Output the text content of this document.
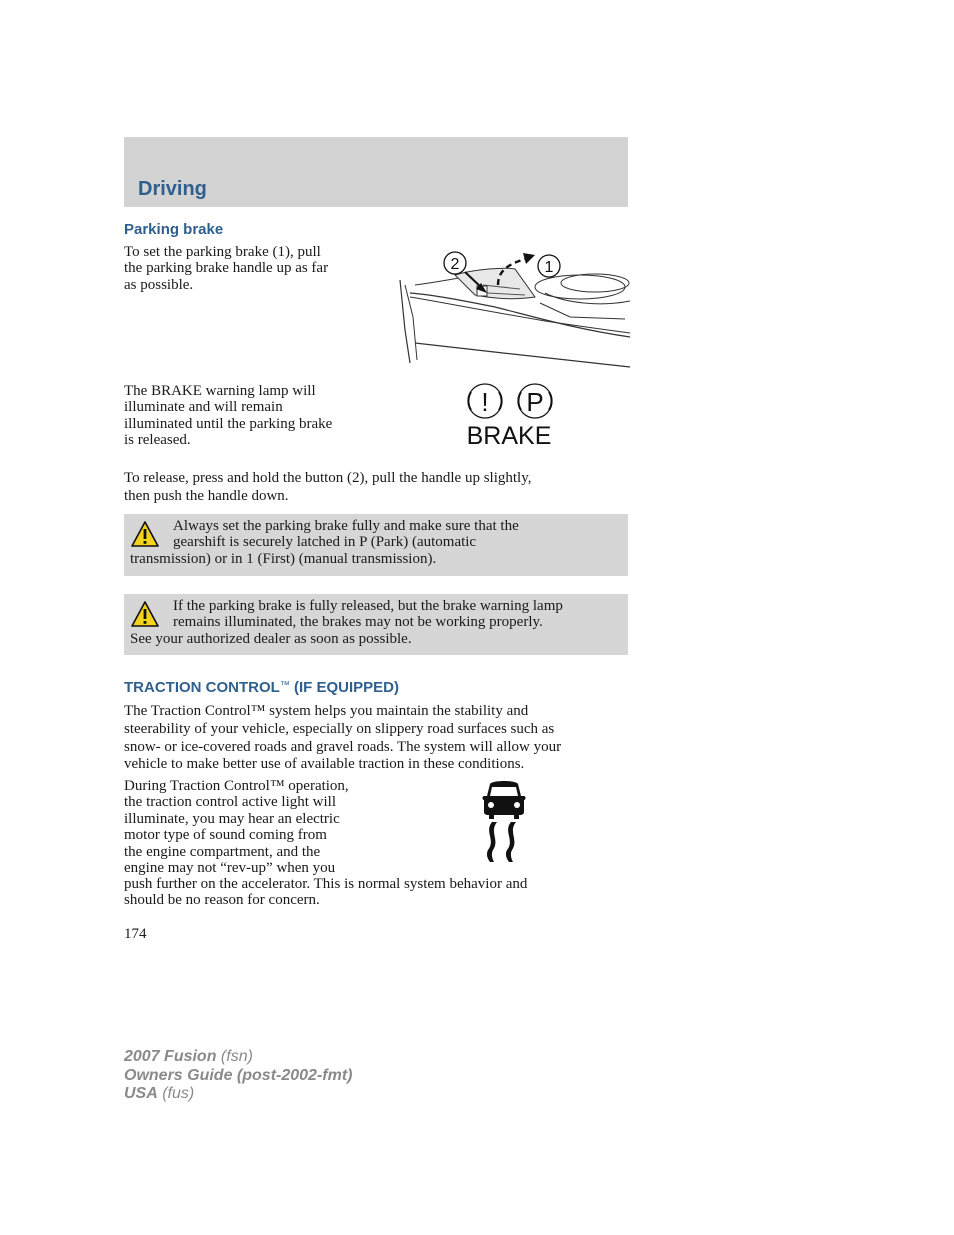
Driving
Parking brake
To set the parking brake (1), pull
the parking brake handle up as far
as possible.
2	1
The BRAKE warning lamp will
illuminate and will remain
illuminated until the parking brake
is released.
! P
BRAKE
To release, press and hold the button (2), pull the handle up slightly,
then push the handle down.
Always set the parking brake fully and make sure that the
gearshift is securely latched in P (Park) (automatic
transmission) or in 1 (First) (manual transmission).
If the parking brake is fully released, but the brake warning lamp
remains illuminated, the brakes may not be working properly.
See your authorized dealer as soon as possible.
TRACTION CONTROL™ (IF EQUIPPED)
The Traction Control™ system helps you maintain the stability and
steerability of your vehicle, especially on slippery road surfaces such as
snow- or ice-covered roads and gravel roads. The system will allow your
vehicle to make better use of available traction in these conditions.
During Traction Control™ operation,
the traction control active light will
illuminate, you may hear an electric
motor type of sound coming from
the engine compartment, and the
engine may not “rev-up” when you
push further on the accelerator. This is normal system behavior and
should be no reason for concern.
174
2007 Fusion (fsn)
Owners Guide (post-2002-fmt)
USA (fus)
